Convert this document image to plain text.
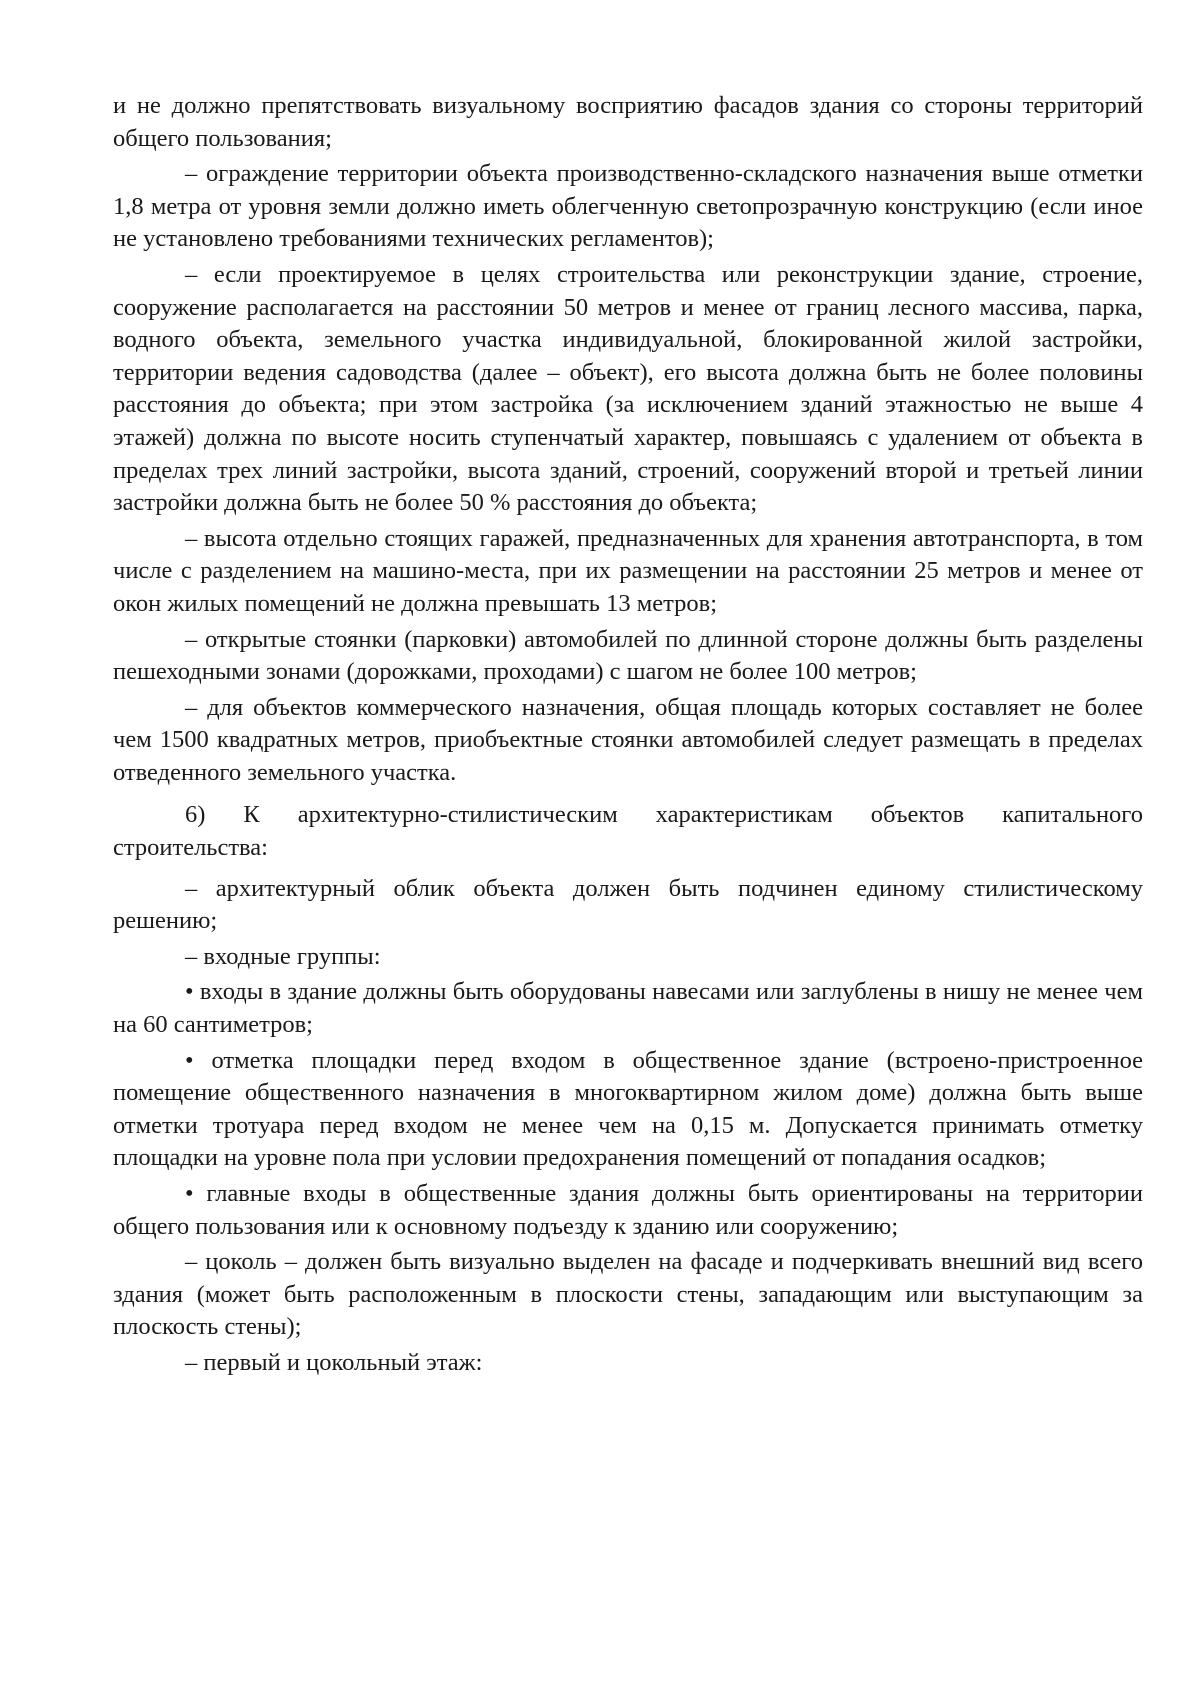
и не должно препятствовать визуальному восприятию фасадов здания со стороны территорий общего пользования;

– ограждение территории объекта производственно-складского назначения выше отметки 1,8 метра от уровня земли должно иметь облегченную светопрозрачную конструкцию (если иное не установлено требованиями технических регламентов);

– если проектируемое в целях строительства или реконструкции здание, строение, сооружение располагается на расстоянии 50 метров и менее от границ лесного массива, парка, водного объекта, земельного участка индивидуальной, блокированной жилой застройки, территории ведения садоводства (далее – объект), его высота должна быть не более половины расстояния до объекта; при этом застройка (за исключением зданий этажностью не выше 4 этажей) должна по высоте носить ступенчатый характер, повышаясь с удалением от объекта в пределах трех линий застройки, высота зданий, строений, сооружений второй и третьей линии застройки должна быть не более 50 % расстояния до объекта;

– высота отдельно стоящих гаражей, предназначенных для хранения автотранспорта, в том числе с разделением на машино-места, при их размещении на расстоянии 25 метров и менее от окон жилых помещений не должна превышать 13 метров;

– открытые стоянки (парковки) автомобилей по длинной стороне должны быть разделены пешеходными зонами (дорожками, проходами) с шагом не более 100 метров;

– для объектов коммерческого назначения, общая площадь которых составляет не более чем 1500 квадратных метров, приобъектные стоянки автомобилей следует размещать в пределах отведенного земельного участка.

6) К архитектурно-стилистическим характеристикам объектов капитального строительства:

– архитектурный облик объекта должен быть подчинен единому стилистическому решению;

– входные группы:

• входы в здание должны быть оборудованы навесами или заглублены в нишу не менее чем на 60 сантиметров;

• отметка площадки перед входом в общественное здание (встроено-пристроенное помещение общественного назначения в многоквартирном жилом доме) должна быть выше отметки тротуара перед входом не менее чем на 0,15 м. Допускается принимать отметку площадки на уровне пола при условии предохранения помещений от попадания осадков;

• главные входы в общественные здания должны быть ориентированы на территории общего пользования или к основному подъезду к зданию или сооружению;

– цоколь – должен быть визуально выделен на фасаде и подчеркивать внешний вид всего здания (может быть расположенным в плоскости стены, западающим или выступающим за плоскость стены);

– первый и цокольный этаж:
